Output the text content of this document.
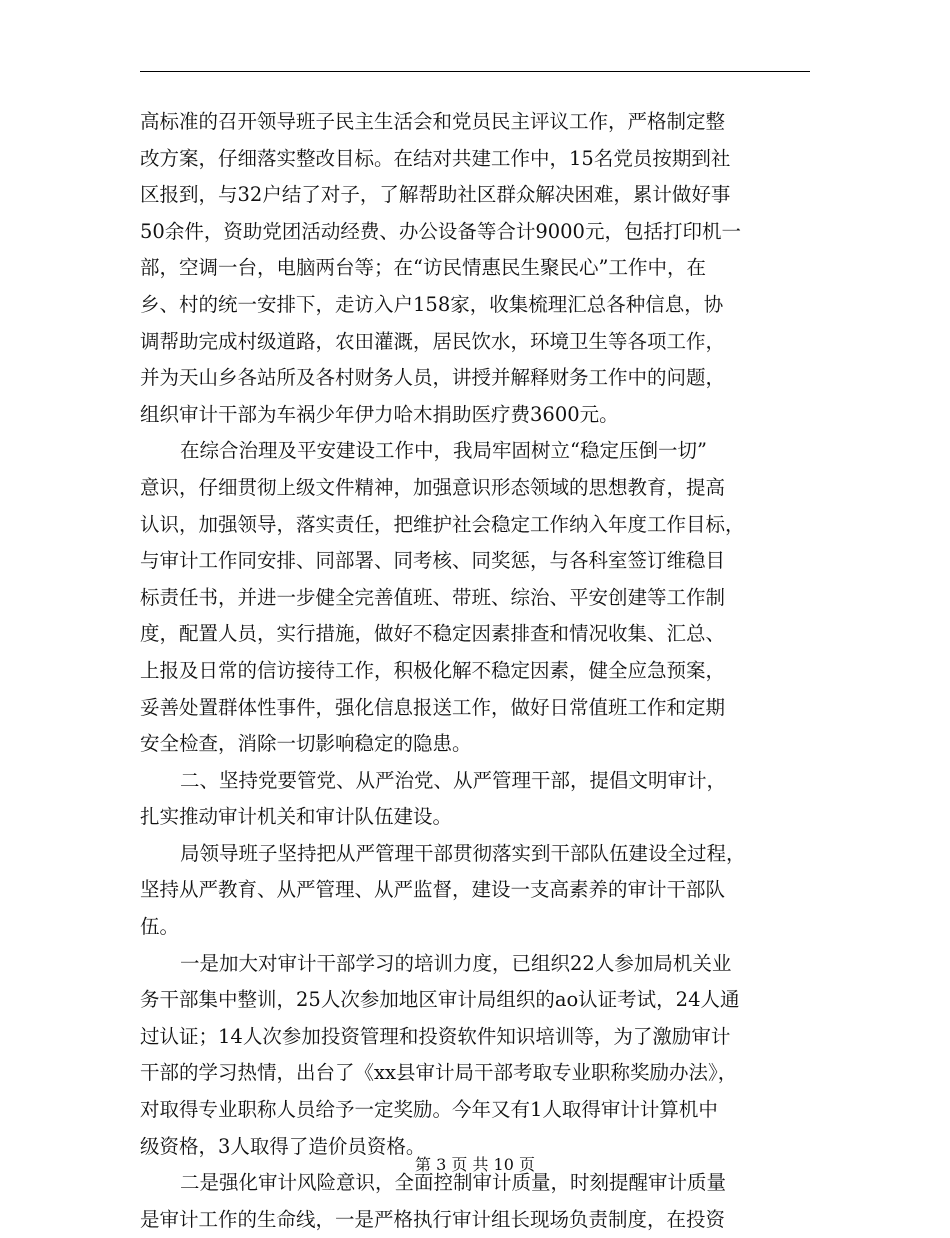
高标准的召开领导班子民主生活会和党员民主评议工作，严格制定整
改方案，仔细落实整改目标。在结对共建工作中，15名党员按期到社
区报到，与32户结了对子，了解帮助社区群众解决困难，累计做好事
50余件，资助党团活动经费、办公设备等合计9000元，包括打印机一
部，空调一台，电脑两台等；在“访民情惠民生聚民心”工作中，在
乡、村的统一安排下，走访入户158家，收集梳理汇总各种信息，协
调帮助完成村级道路，农田灌溉，居民饮水，环境卫生等各项工作，
并为天山乡各站所及各村财务人员，讲授并解释财务工作中的问题，
组织审计干部为车祸少年伊力哈木捐助医疗费3600元。
在综合治理及平安建设工作中，我局牢固树立“稳定压倒一切”
意识，仔细贯彻上级文件精神，加强意识形态领域的思想教育，提高
认识，加强领导，落实责任，把维护社会稳定工作纳入年度工作目标，
与审计工作同安排、同部署、同考核、同奖惩，与各科室签订维稳目
标责任书，并进一步健全完善值班、带班、综治、平安创建等工作制
度，配置人员，实行措施，做好不稳定因素排查和情况收集、汇总、
上报及日常的信访接待工作，积极化解不稳定因素，健全应急预案，
妥善处置群体性事件，强化信息报送工作，做好日常值班工作和定期
安全检查，消除一切影响稳定的隐患。
二、坚持党要管党、从严治党、从严管理干部，提倡文明审计，
扎实推动审计机关和审计队伍建设。
局领导班子坚持把从严管理干部贯彻落实到干部队伍建设全过程，
坚持从严教育、从严管理、从严监督，建设一支高素养的审计干部队
伍。
一是加大对审计干部学习的培训力度，已组织22人参加局机关业
务干部集中整训，25人次参加地区审计局组织的ao认证考试，24人通
过认证；14人次参加投资管理和投资软件知识培训等，为了激励审计
干部的学习热情，出台了《xx县审计局干部考取专业职称奖励办法》，
对取得专业职称人员给予一定奖励。今年又有1人取得审计计算机中
级资格，3人取得了造价员资格。
二是强化审计风险意识，全面控制审计质量，时刻提醒审计质量
是审计工作的生命线，一是严格执行审计组长现场负责制度，在投资
第 3 页 共 10 页
